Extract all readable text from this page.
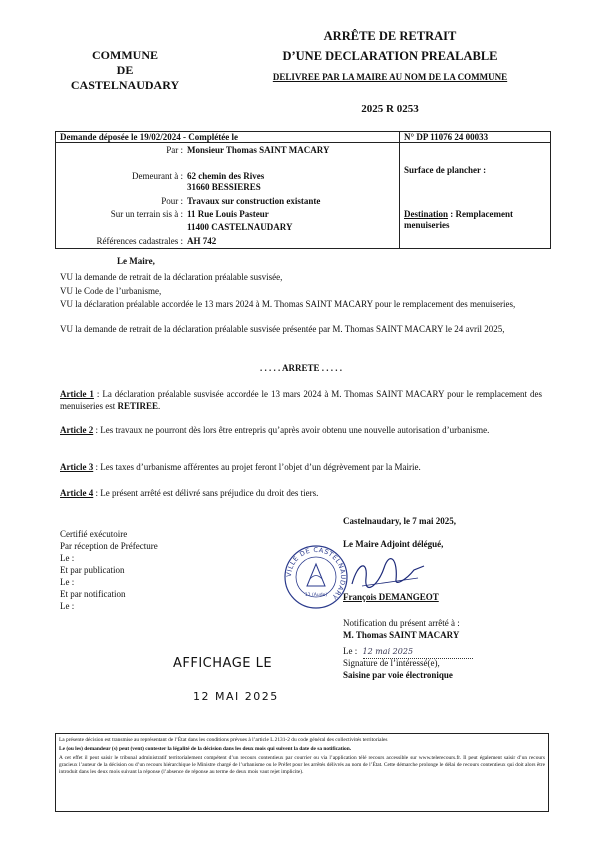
COMMUNE
DE
CASTELNAUDARY
ARRÊTE DE RETRAIT
D’UNE DECLARATION PREALABLE
DELIVREE PAR LA MAIRE AU NOM DE LA COMMUNE
2025 R 0253
Demande déposée le 19/02/2024 - Complétée le	N° DP 11076 24 00033
Par : Monsieur Thomas SAINT MACARY
Demeurant à : 62 chemin des Rives
31660 BESSIERES
Surface de plancher :
Pour : Travaux sur construction existante
Sur un terrain sis à : 11 Rue Louis Pasteur
11400 CASTELNAUDARY
Destination : Remplacement menuiseries
Références cadastrales : AH 742
Le Maire,
VU la demande de retrait de la déclaration préalable susvisée,
VU le Code de l’urbanisme,
VU la déclaration préalable accordée le 13 mars 2024 à M. Thomas SAINT MACARY pour le remplacement des menuiseries,
VU la demande de retrait de la déclaration préalable susvisée présentée par M. Thomas SAINT MACARY le 24 avril 2025,
. . . . . ARRETE . . . . .
Article 1 : La déclaration préalable susvisée accordée le 13 mars 2024 à M. Thomas SAINT MACARY pour le remplacement des menuiseries est RETIREE.
Article 2 : Les travaux ne pourront dès lors être entrepris qu’après avoir obtenu une nouvelle autorisation d’urbanisme.
Article 3 : Les taxes d’urbanisme afférentes au projet feront l’objet d’un dégrèvement par la Mairie.
Article 4 : Le présent arrêté est délivré sans préjudice du droit des tiers.
Castelnaudary, le 7 mai 2025,
Le Maire Adjoint délégué,
Certifié exécutoire
Par réception de Préfecture
Le :
Et par publication
Le :
Et par notification
Le :
VILLE DE CASTELNAUDARY
11 (Aude) François DEMANGEOT
Notification du présent arrêté à :
M. Thomas SAINT MACARY
Le : 12 mai 2025
Signature de l’intéressé(e),
Saisine par voie électronique
AFFICHAGE LE
12 MAI 2025

La présente décision est transmise au représentant de l’État dans les conditions prévues à l’article L 2131-2 du code général des collectivités territoriales

Le (ou les) demandeur (s) peut (vent) contester la légalité de la décision dans les deux mois qui suivent la date de sa notification.

A cet effet il peut saisir le tribunal administratif territorialement compétent d’un recours contentieux par courrier ou via l’application télé recours accessible sur www.telerecours.fr. Il peut également saisir d’un recours gracieux l’auteur de la décision ou d’un recours hiérarchique le Ministre chargé de l’urbanisme ou le Préfet pour les arrêtés délivrés au nom de l’État. Cette démarche prolonge le délai de recours contentieux qui doit alors être introduit dans les deux mois suivant la réponse (l’absence de réponse au terme de deux mois vaut rejet implicite).
